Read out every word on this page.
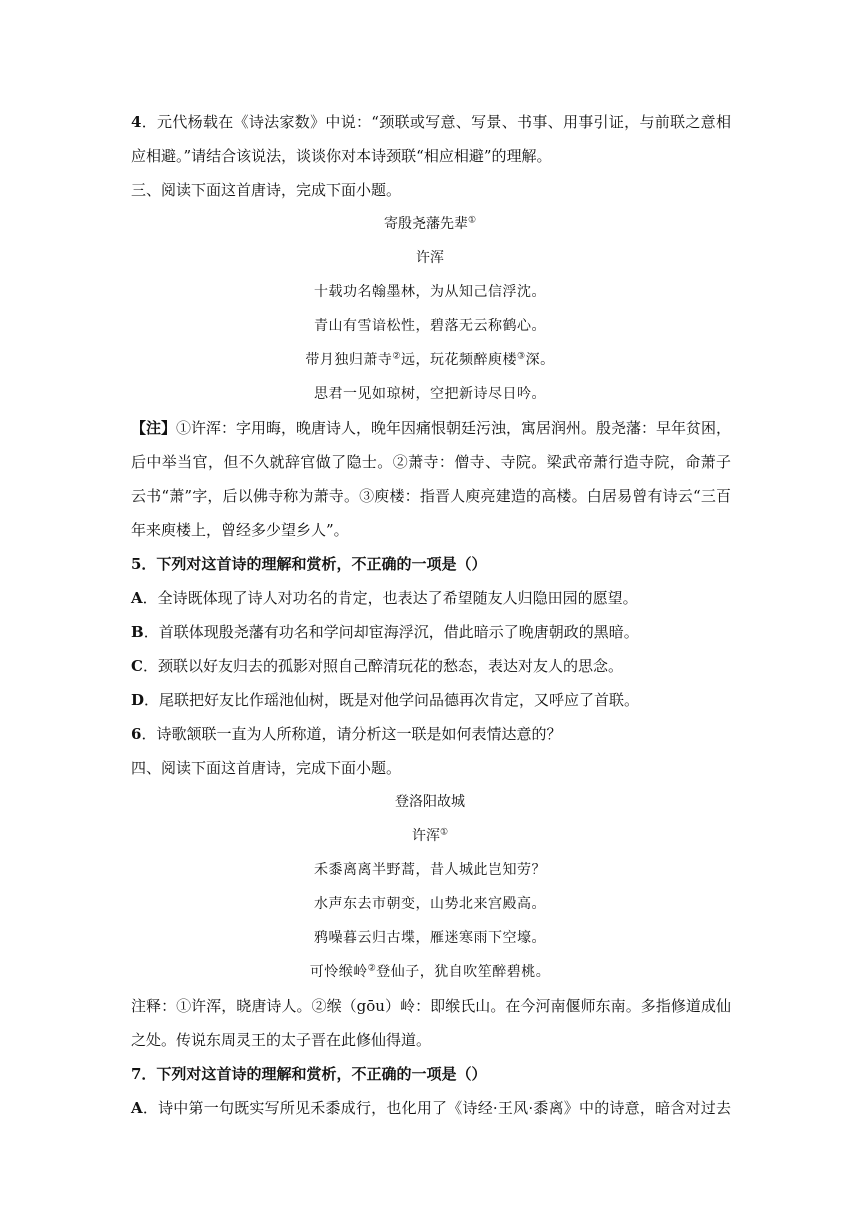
4．元代杨载在《诗法家数》中说：“颈联或写意、写景、书事、用事引证，与前联之意相
应相避。”请结合该说法，谈谈你对本诗颈联“相应相避”的理解。
三、阅读下面这首唐诗，完成下面小题。
寄殷尧藩先辈①
许浑
十载功名翰墨林，为从知己信浮沈。
青山有雪谙松性，碧落无云称鹤心。
带月独归萧寺②远，玩花频醉庾楼③深。
思君一见如琼树，空把新诗尽日吟。
【注】①许浑：字用晦，晚唐诗人，晚年因痛恨朝廷污浊，寓居润州。殷尧藩：早年贫困，
后中举当官，但不久就辞官做了隐士。②萧寺：僧寺、寺院。梁武帝萧行造寺院，命萧子
云书“萧”字，后以佛寺称为萧寺。③庾楼：指晋人庾亮建造的高楼。白居易曾有诗云“三百
年来庾楼上，曾经多少望乡人”。
5．下列对这首诗的理解和赏析，不正确的一项是（）
A．全诗既体现了诗人对功名的肯定，也表达了希望随友人归隐田园的愿望。
B．首联体现殷尧藩有功名和学问却宦海浮沉，借此暗示了晚唐朝政的黑暗。
C．颈联以好友归去的孤影对照自己醉清玩花的愁态，表达对友人的思念。
D．尾联把好友比作瑶池仙树，既是对他学问品德再次肯定，又呼应了首联。
6．诗歌颔联一直为人所称道，请分析这一联是如何表情达意的？
四、阅读下面这首唐诗，完成下面小题。
登洛阳故城
许浑①
禾黍离离半野蒿，昔人城此岂知劳？
水声东去市朝变，山势北来宫殿高。
鸦噪暮云归古堞，雁迷寒雨下空壕。
可怜缑岭②登仙子，犹自吹笙醉碧桃。
注释：①许浑，晓唐诗人。②缑（gōu）岭：即缑氏山。在今河南偃师东南。多指修道成仙
之处。传说东周灵王的太子晋在此修仙得道。
7．下列对这首诗的理解和赏析，不正确的一项是（）
A．诗中第一句既实写所见禾黍成行，也化用了《诗经·王风·黍离》中的诗意，暗含对过去
